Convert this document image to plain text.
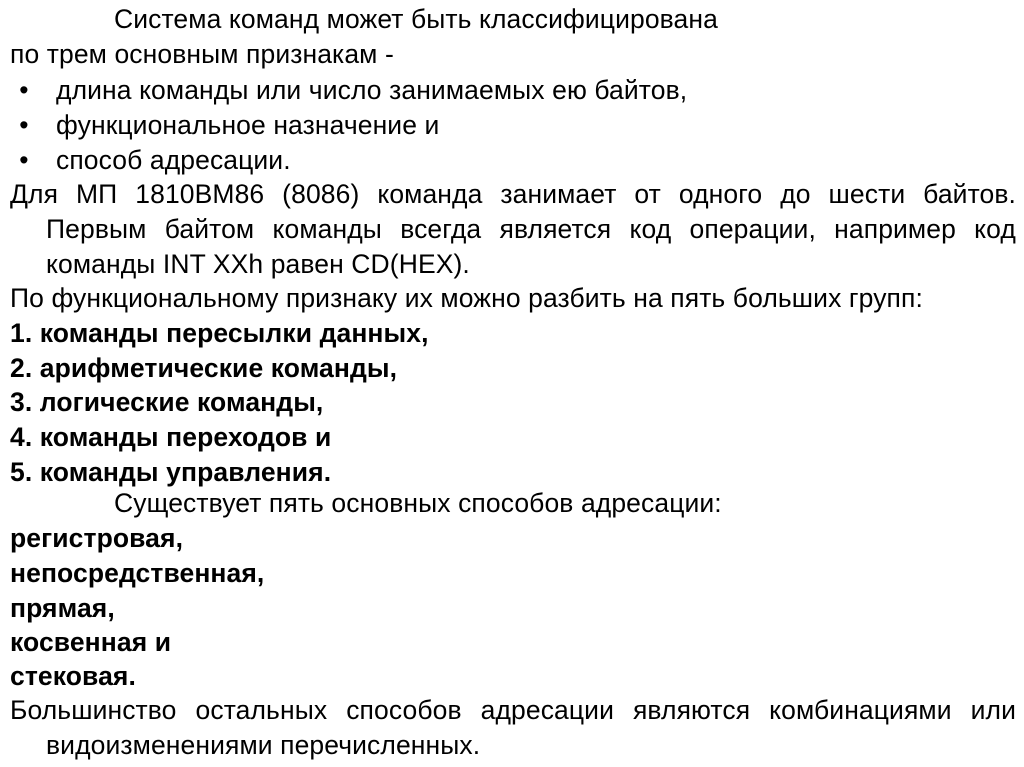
Система команд может быть классифицирована
по трем основным признакам -
• длина команды или число занимаемых ею байтов,
• функциональное назначение и
• способ адресации.
Для МП 1810ВМ86 (8086) команда занимает от одного до шести байтов.
Первым байтом команды всегда является код операции, например код
команды INT XXh равен CD(HEX).
По функциональному признаку их можно разбить на пять больших групп:
1. команды пересылки данных,
2. арифметические команды,
3. логические команды,
4. команды переходов и
5. команды управления.
Существует пять основных способов адресации:
регистровая,
непосредственная,
прямая,
косвенная и
стековая.
Большинство остальных способов адресации являются комбинациями или
видоизменениями перечисленных.
